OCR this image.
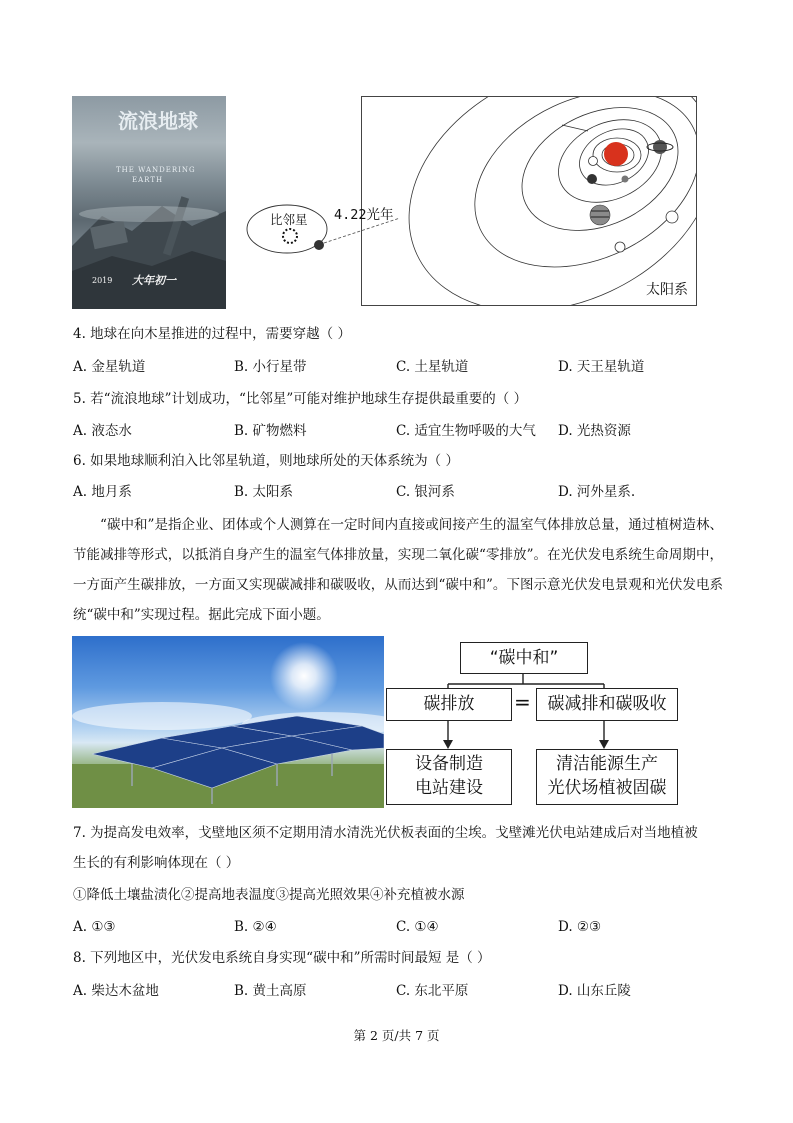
流浪地球
THE WANDERING
EARTH
2019 大年初一
太阳系
比邻星 4.22光年
4. 地球在向木星推进的过程中，需要穿越（ ）
A. 金星轨道	B. 小行星带	C. 土星轨道	D. 天王星轨道
5. 若“流浪地球”计划成功，“比邻星”可能对维护地球生存提供最重要的（ ）
A. 液态水	B. 矿物燃料	C. 适宜生物呼吸的大气 D. 光热资源
6. 如果地球顺利泊入比邻星轨道，则地球所处的天体系统为（ ）
A. 地月系	B. 太阳系	C. 银河系	D. 河外星系.
“碳中和”是指企业、团体或个人测算在一定时间内直接或间接产生的温室气体排放总量，通过植树造林、节能减排等形式，以抵消自身产生的温室气体排放量，实现二氧化碳“零排放”。在光伏发电系统生命周期中，一方面产生碳排放，一方面又实现碳减排和碳吸收，从而达到“碳中和”。下图示意光伏发电景观和光伏发电系统“碳中和”实现过程。据此完成下面小题。
“碳中和”
碳排放	= 碳减排和碳吸收
设备制造
电站建设
清洁能源生产
光伏场植被固碳
7. 为提高发电效率，戈壁地区须不定期用清水清洗光伏板表面的尘埃。戈壁滩光伏电站建成后对当地植被
生长的有利影响体现在（ ）
①降低土壤盐渍化②提高地表温度③提高光照效果④补充植被水源
A. ①③	B. ②④	C. ①④	D. ②③
8. 下列地区中，光伏发电系统自身实现“碳中和”所需时间最短 是（ ）
A. 柴达木盆地	B. 黄土高原	C. 东北平原	D. 山东丘陵
第 2 页/共 7 页
